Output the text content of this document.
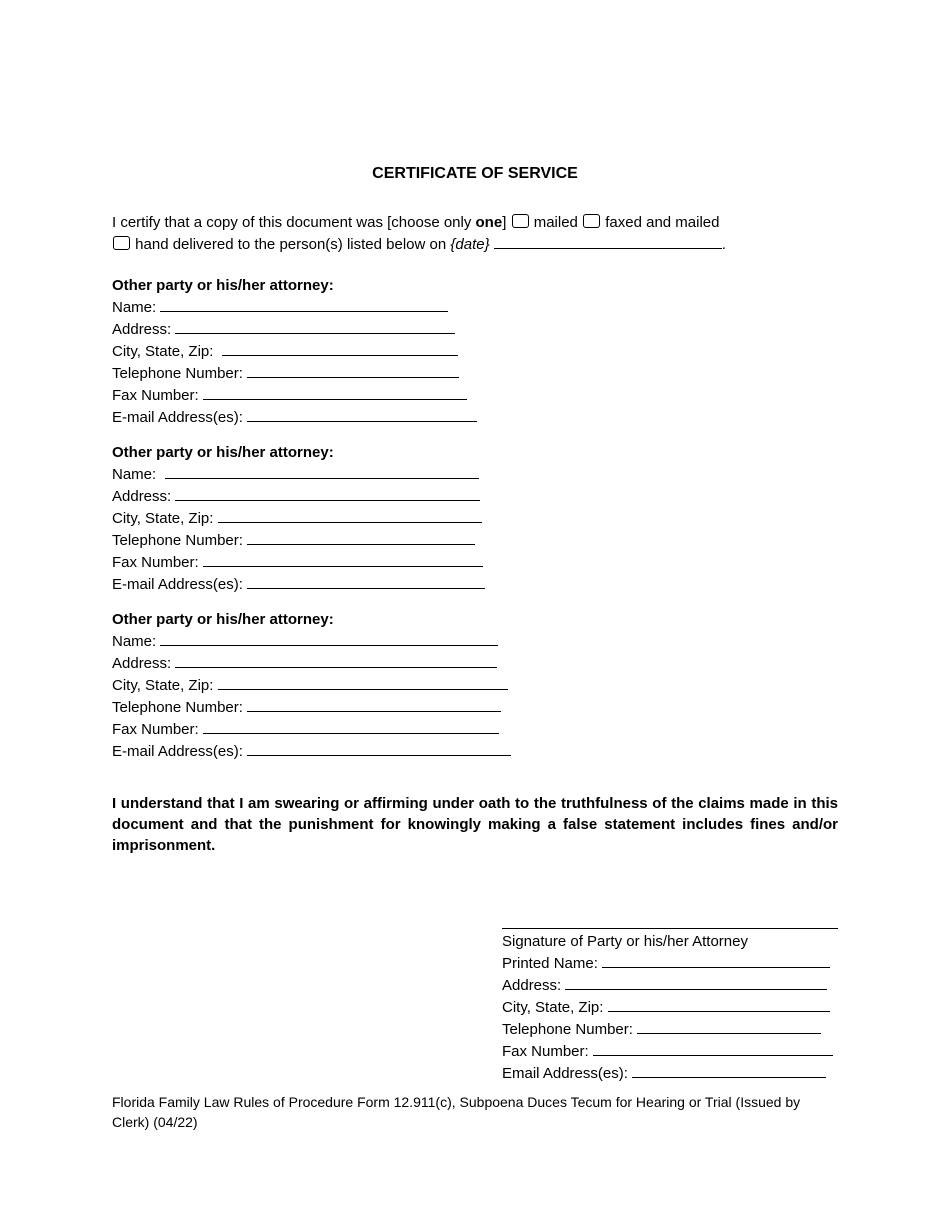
CERTIFICATE OF SERVICE
I certify that a copy of this document was [choose only one]  mailed faxed and mailed
hand delivered to the person(s) listed below on {date}	.
Other party or his/her attorney:
Name:
Address:
City, State, Zip:
Telephone Number:
Fax Number:
E-mail Address(es):
Other party or his/her attorney:
Name:
Address:
City, State, Zip:
Telephone Number:
Fax Number:
E-mail Address(es):
Other party or his/her attorney:
Name:
Address:
City, State, Zip:
Telephone Number:
Fax Number:
E-mail Address(es):
I understand that I am swearing or affirming under oath to the truthfulness of the claims made in this document and that the punishment for knowingly making a false statement includes fines and/or imprisonment.
Signature of Party or his/her Attorney
Printed Name:
Address:
City, State, Zip:
Telephone Number:
Fax Number:
Email Address(es):
Florida Family Law Rules of Procedure Form 12.911(c), Subpoena Duces Tecum for Hearing or Trial (Issued by Clerk) (04/22)
